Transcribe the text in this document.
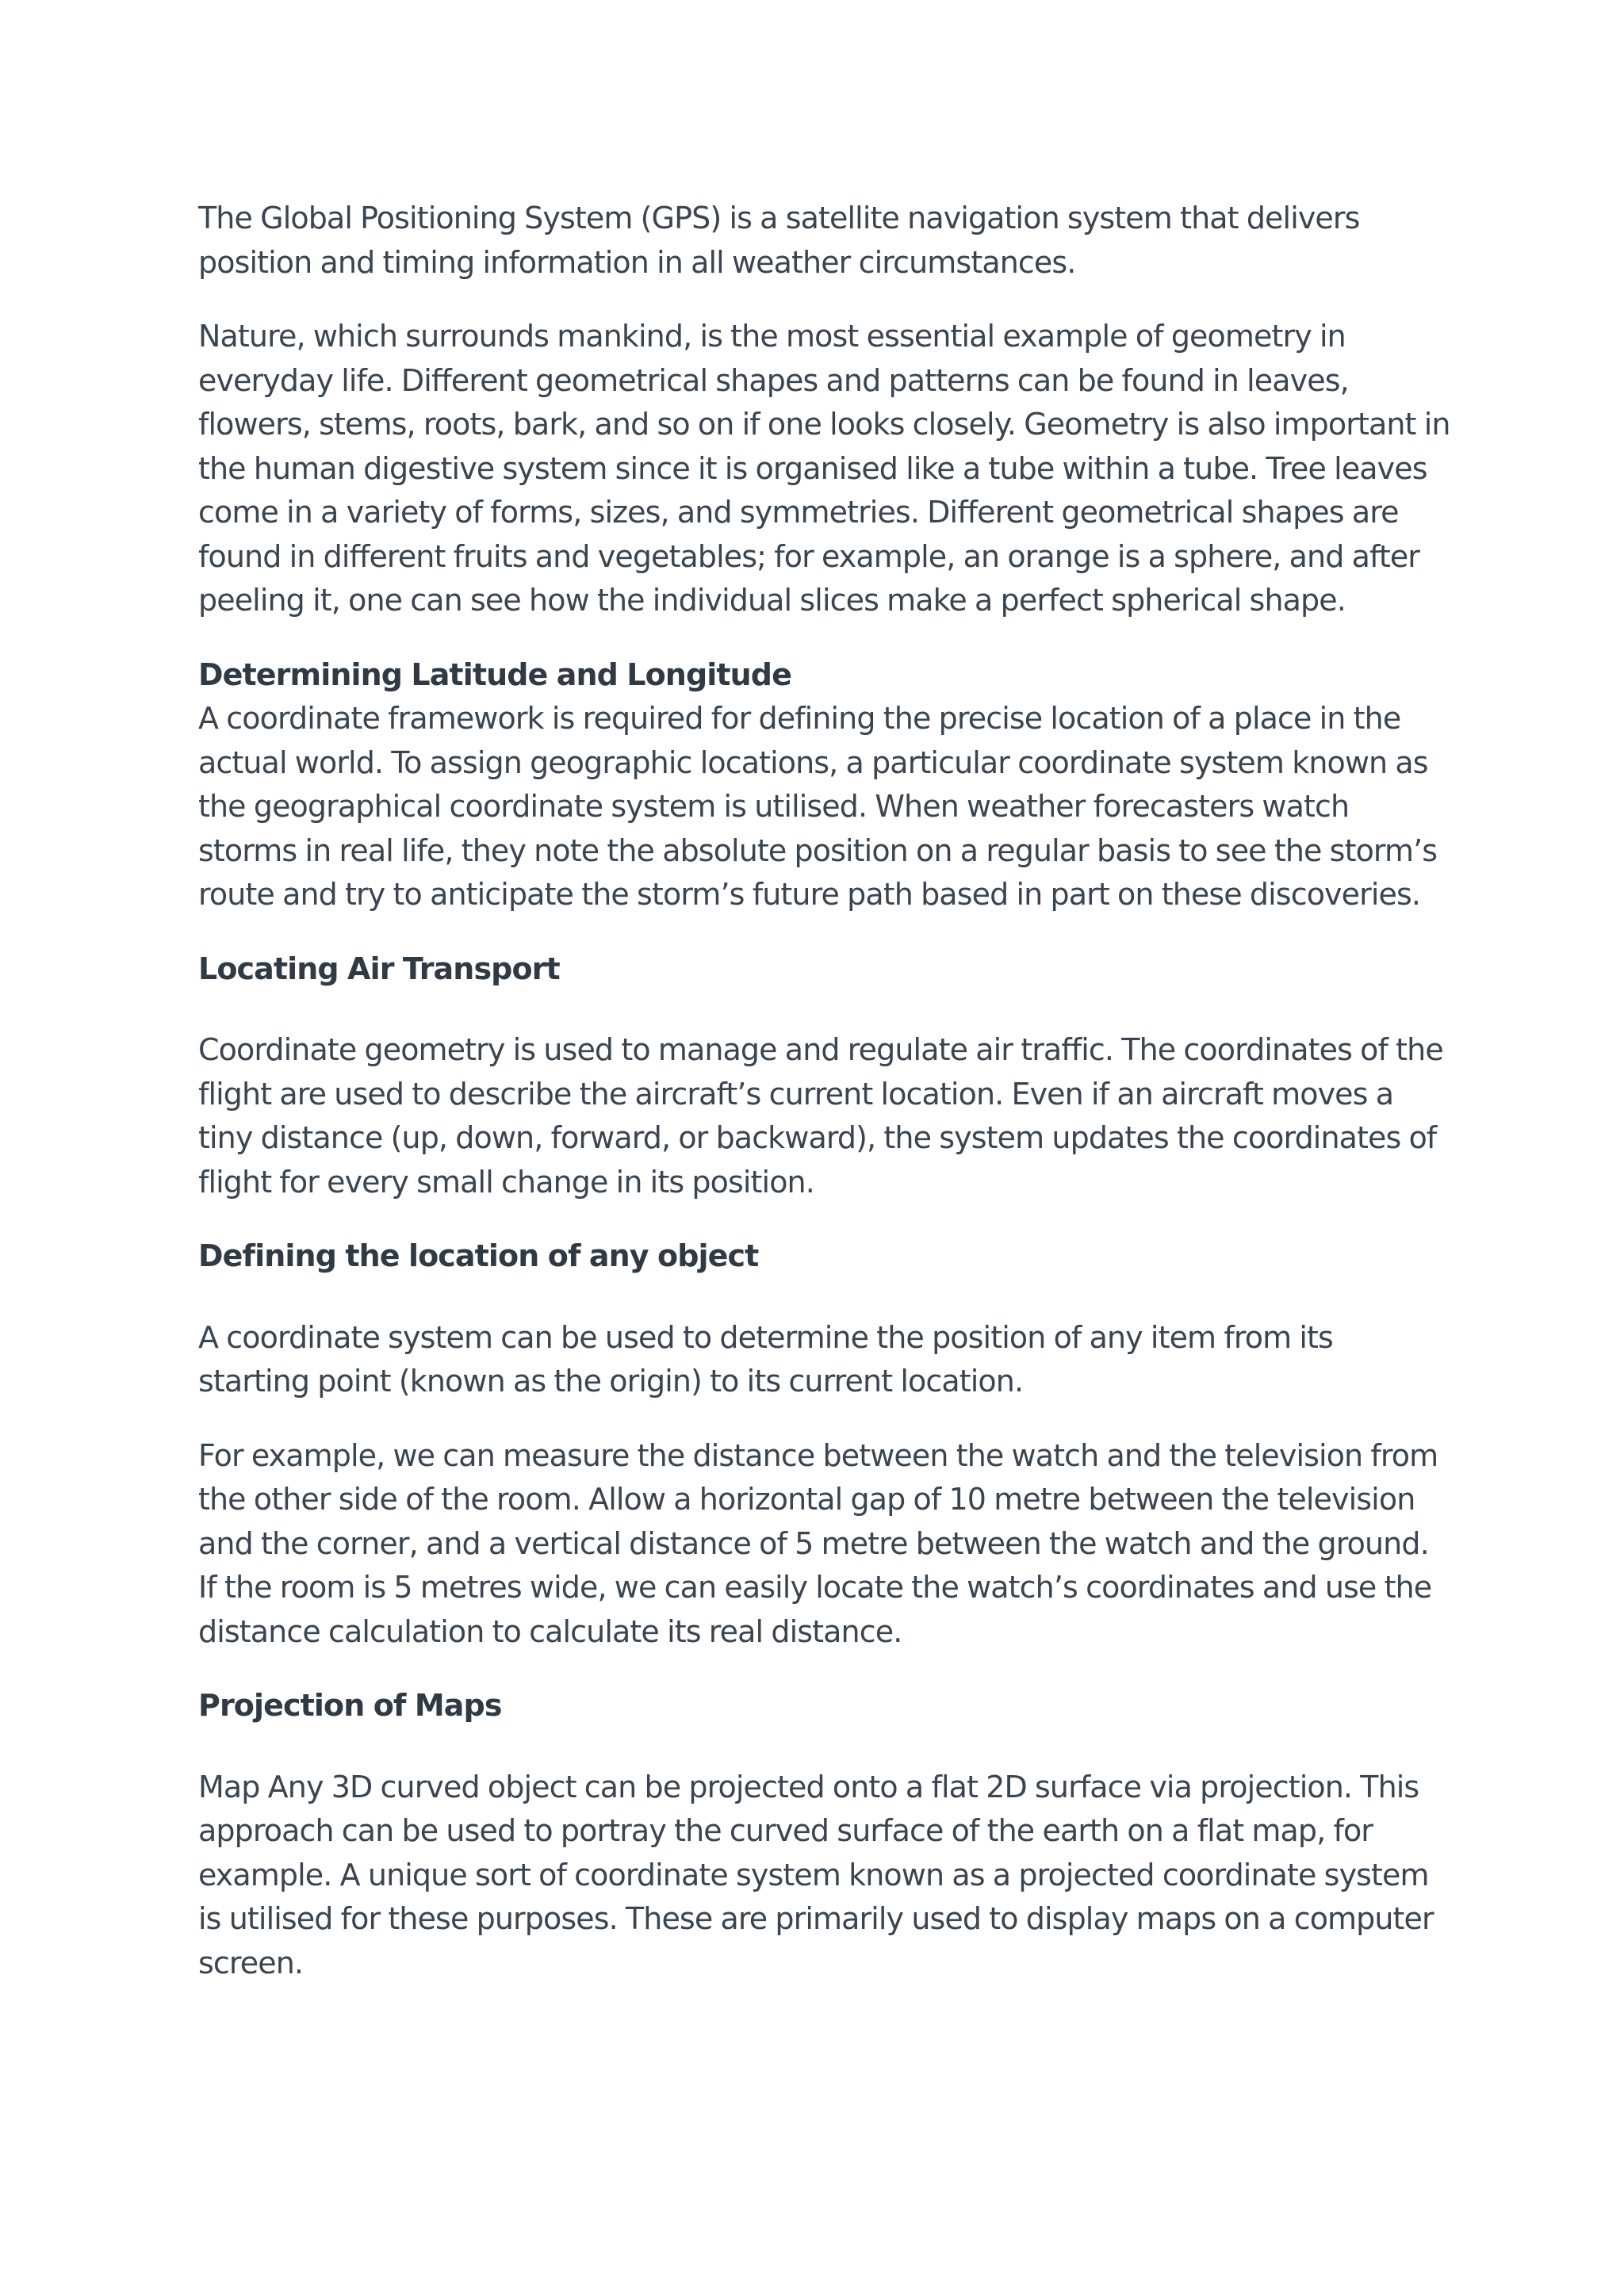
The Global Positioning System (GPS) is a satellite navigation system that delivers position and timing information in all weather circumstances.

Nature, which surrounds mankind, is the most essential example of geometry in everyday life. Different geometrical shapes and patterns can be found in leaves, flowers, stems, roots, bark, and so on if one looks closely. Geometry is also important in the human digestive system since it is organised like a tube within a tube. Tree leaves come in a variety of forms, sizes, and symmetries. Different geometrical shapes are found in different fruits and vegetables; for example, an orange is a sphere, and after peeling it, one can see how the individual slices make a perfect spherical shape.

Determining Latitude and Longitude

A coordinate framework is required for defining the precise location of a place in the actual world. To assign geographic locations, a particular coordinate system known as the geographical coordinate system is utilised. When weather forecasters watch storms in real life, they note the absolute position on a regular basis to see the storm’s route and try to anticipate the storm’s future path based in part on these discoveries.

Locating Air Transport

Coordinate geometry is used to manage and regulate air traffic. The coordinates of the flight are used to describe the aircraft’s current location. Even if an aircraft moves a tiny distance (up, down, forward, or backward), the system updates the coordinates of flight for every small change in its position.

Defining the location of any object

A coordinate system can be used to determine the position of any item from its starting point (known as the origin) to its current location.

For example, we can measure the distance between the watch and the television from the other side of the room. Allow a horizontal gap of 10 metre between the television and the corner, and a vertical distance of 5 metre between the watch and the ground. If the room is 5 metres wide, we can easily locate the watch’s coordinates and use the distance calculation to calculate its real distance.

Projection of Maps

Map Any 3D curved object can be projected onto a flat 2D surface via projection. This approach can be used to portray the curved surface of the earth on a flat map, for example. A unique sort of coordinate system known as a projected coordinate system is utilised for these purposes. These are primarily used to display maps on a computer screen.
